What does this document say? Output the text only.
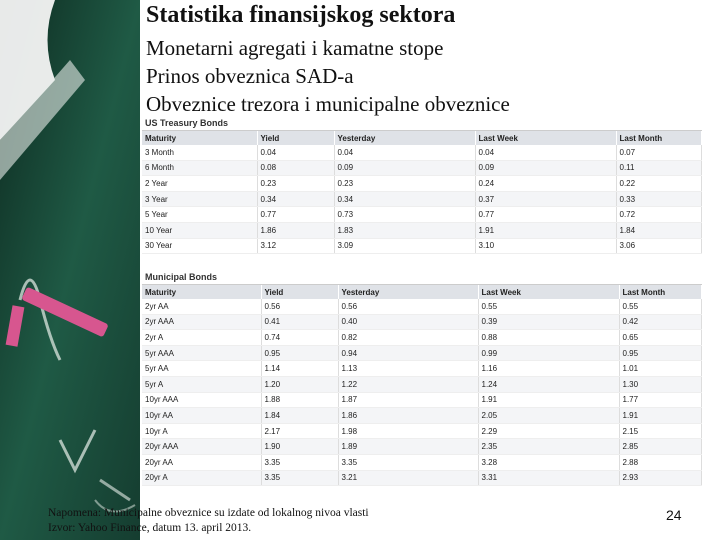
Statistika finansijskog sektora
Monetarni agregati i kamatne stope
Prinos obveznica SAD-a
Obveznice trezora i municipalne obveznice
US Treasury Bonds
Maturity	Yield	Yesterday	Last Week	Last Month
3 Month	0.04	0.04	0.04	0.07
6 Month	0.08	0.09	0.09	0.11
2 Year	0.23	0.23	0.24	0.22
3 Year	0.34	0.34	0.37	0.33
5 Year	0.77	0.73	0.77	0.72
10 Year	1.86	1.83	1.91	1.84
30 Year	3.12	3.09	3.10	3.06
Municipal Bonds
Maturity	Yield	Yesterday	Last Week	Last Month
2yr AA	0.56	0.56	0.55	0.55
2yr AAA	0.41	0.40	0.39	0.42
2yr A	0.74	0.82	0.88	0.65
5yr AAA	0.95	0.94	0.99	0.95
5yr AA	1.14	1.13	1.16	1.01
5yr A	1.20	1.22	1.24	1.30
10yr AAA	1.88	1.87	1.91	1.77
10yr AA	1.84	1.86	2.05	1.91
10yr A	2.17	1.98	2.29	2.15
20yr AAA	1.90	1.89	2.35	2.85
20yr AA	3.35	3.35	3.28	2.88
20yr A	3.35	3.21	3.31	2.93
Napomena: Municipalne obveznice su izdate od lokalnog nivoa vlasti
Izvor: Yahoo Finance, datum 13. april 2013.
24
